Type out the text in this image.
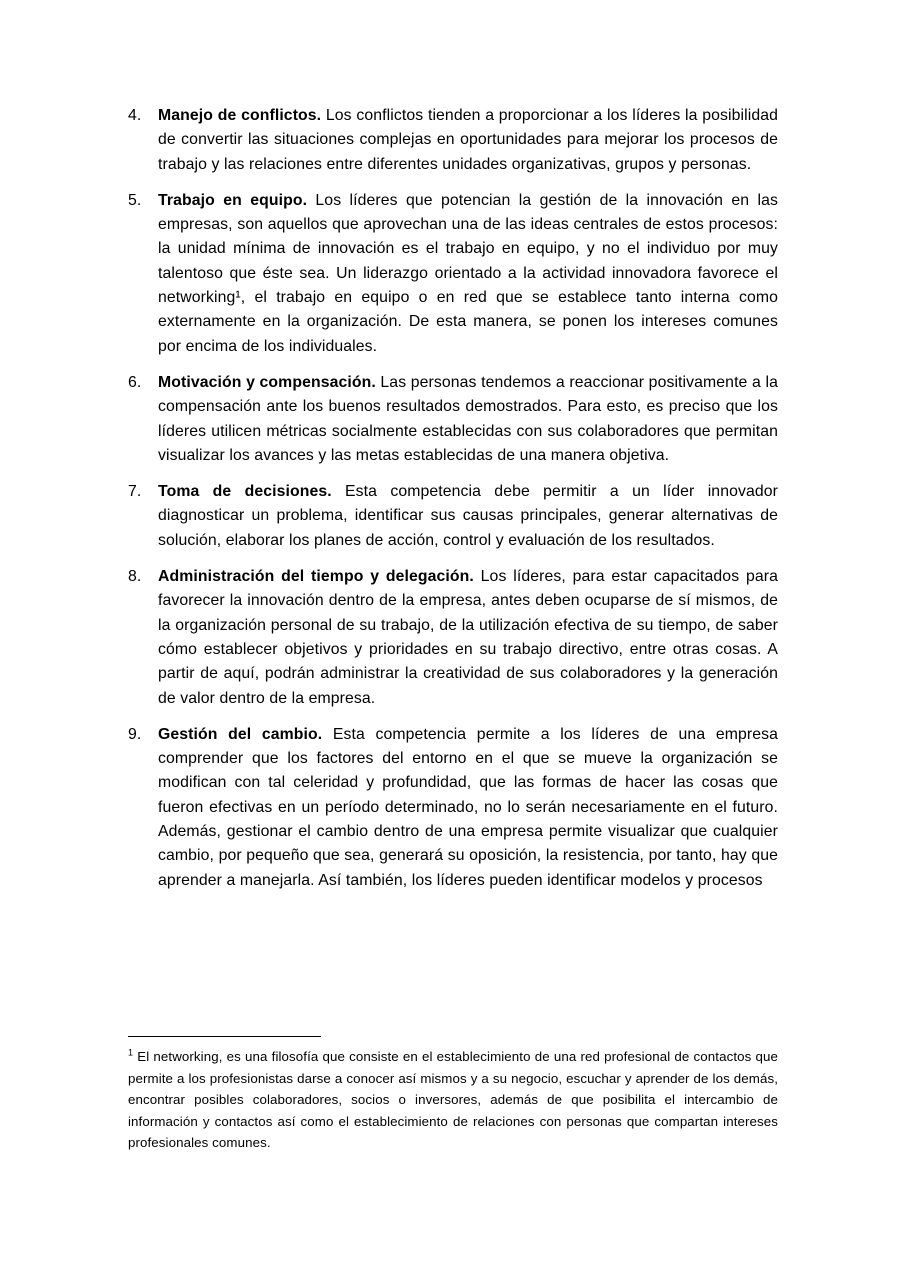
4. Manejo de conflictos. Los conflictos tienden a proporcionar a los líderes la posibilidad de convertir las situaciones complejas en oportunidades para mejorar los procesos de trabajo y las relaciones entre diferentes unidades organizativas, grupos y personas.
5. Trabajo en equipo. Los líderes que potencian la gestión de la innovación en las empresas, son aquellos que aprovechan una de las ideas centrales de estos procesos: la unidad mínima de innovación es el trabajo en equipo, y no el individuo por muy talentoso que éste sea. Un liderazgo orientado a la actividad innovadora favorece el networking¹, el trabajo en equipo o en red que se establece tanto interna como externamente en la organización. De esta manera, se ponen los intereses comunes por encima de los individuales.
6. Motivación y compensación. Las personas tendemos a reaccionar positivamente a la compensación ante los buenos resultados demostrados. Para esto, es preciso que los líderes utilicen métricas socialmente establecidas con sus colaboradores que permitan visualizar los avances y las metas establecidas de una manera objetiva.
7. Toma de decisiones. Esta competencia debe permitir a un líder innovador diagnosticar un problema, identificar sus causas principales, generar alternativas de solución, elaborar los planes de acción, control y evaluación de los resultados.
8. Administración del tiempo y delegación. Los líderes, para estar capacitados para favorecer la innovación dentro de la empresa, antes deben ocuparse de sí mismos, de la organización personal de su trabajo, de la utilización efectiva de su tiempo, de saber cómo establecer objetivos y prioridades en su trabajo directivo, entre otras cosas. A partir de aquí, podrán administrar la creatividad de sus colaboradores y la generación de valor dentro de la empresa.
9. Gestión del cambio. Esta competencia permite a los líderes de una empresa comprender que los factores del entorno en el que se mueve la organización se modifican con tal celeridad y profundidad, que las formas de hacer las cosas que fueron efectivas en un período determinado, no lo serán necesariamente en el futuro. Además, gestionar el cambio dentro de una empresa permite visualizar que cualquier cambio, por pequeño que sea, generará su oposición, la resistencia, por tanto, hay que aprender a manejarla. Así también, los líderes pueden identificar modelos y procesos
$^1$ El networking, es una filosofía que consiste en el establecimiento de una red profesional de contactos que permite a los profesionistas darse a conocer así mismos y a su negocio, escuchar y aprender de los demás, encontrar posibles colaboradores, socios o inversores, además de que posibilita el intercambio de información y contactos así como el establecimiento de relaciones con personas que compartan intereses profesionales comunes.
